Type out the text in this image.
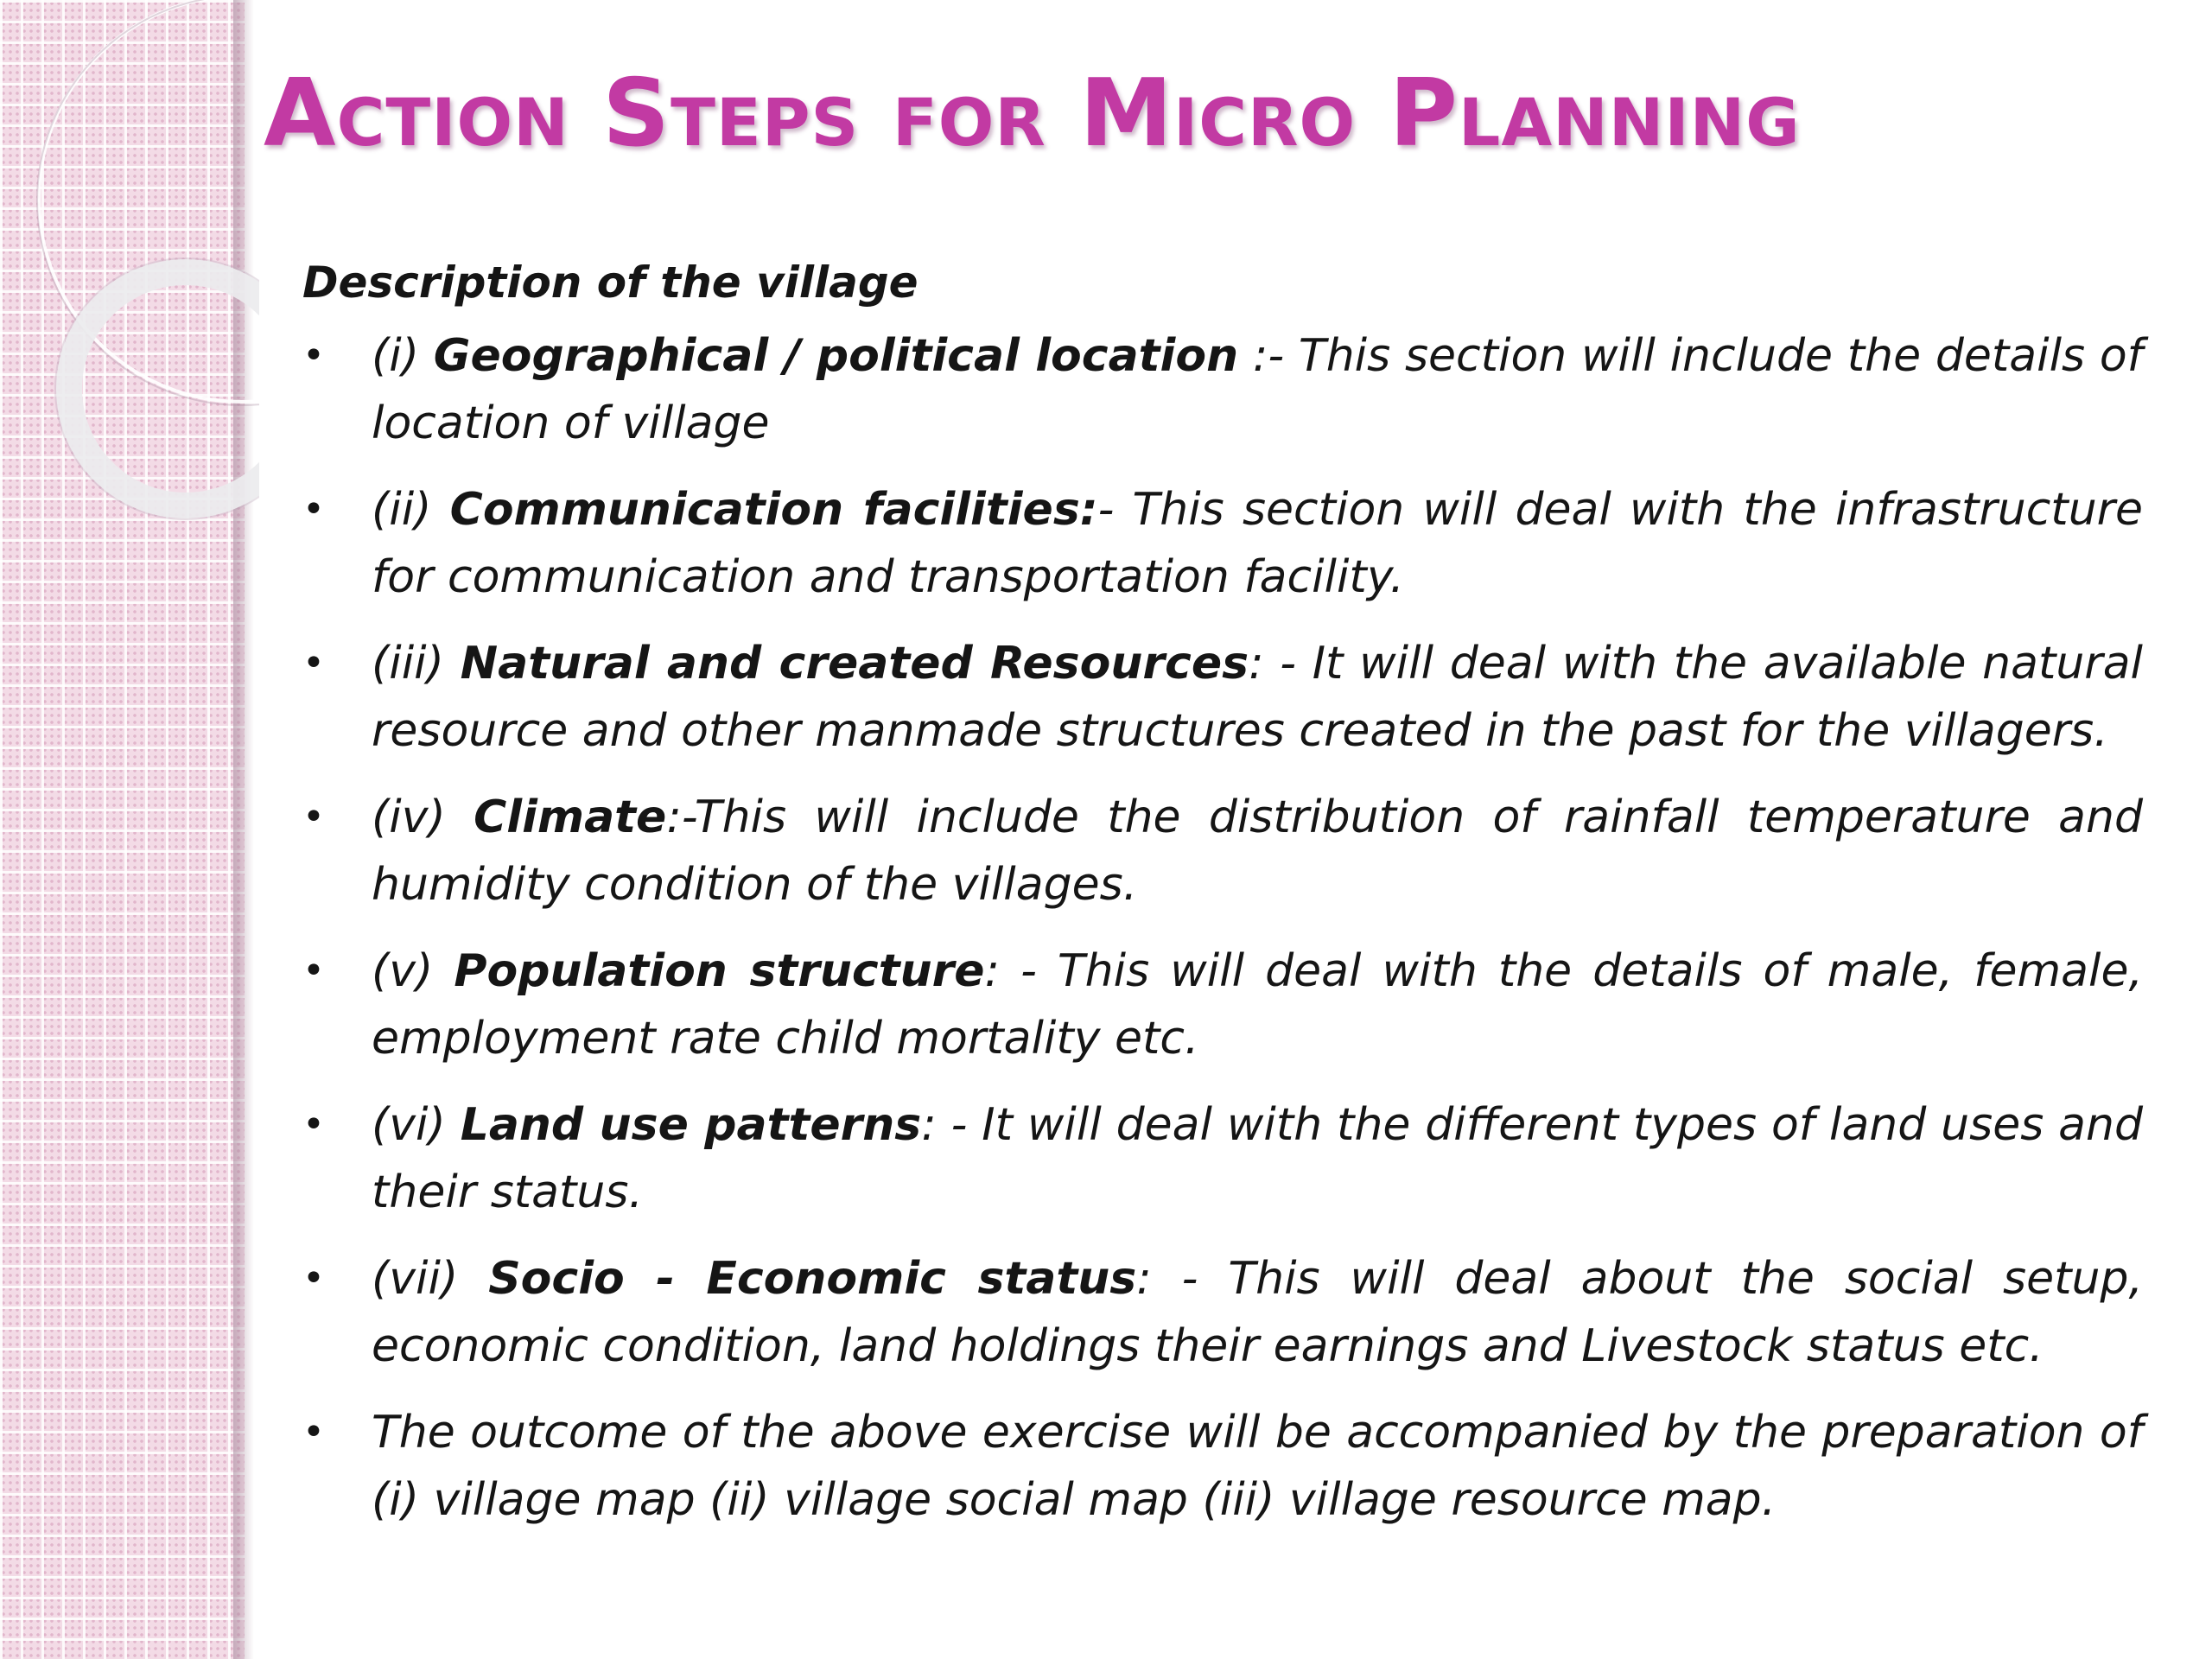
Action Steps for Micro Planning

Description of the village

• (i) Geographical / political location :- This section will include the details of location of village
• (ii) Communication facilities:- This section will deal with the infrastructure for communication and transportation facility.
• (iii) Natural and created Resources: - It will deal with the available natural resource and other manmade structures created in the past for the villagers.
• (iv) Climate:-This will include the distribution of rainfall temperature and humidity condition of the villages.
• (v) Population structure: - This will deal with the details of male, female, employment rate child mortality etc.
• (vi) Land use patterns: - It will deal with the different types of land uses and their status.
• (vii) Socio - Economic status: - This will deal about the social setup, economic condition, land holdings their earnings and Livestock status etc.
• The outcome of the above exercise will be accompanied by the preparation of (i) village map (ii) village social map (iii) village resource map.
